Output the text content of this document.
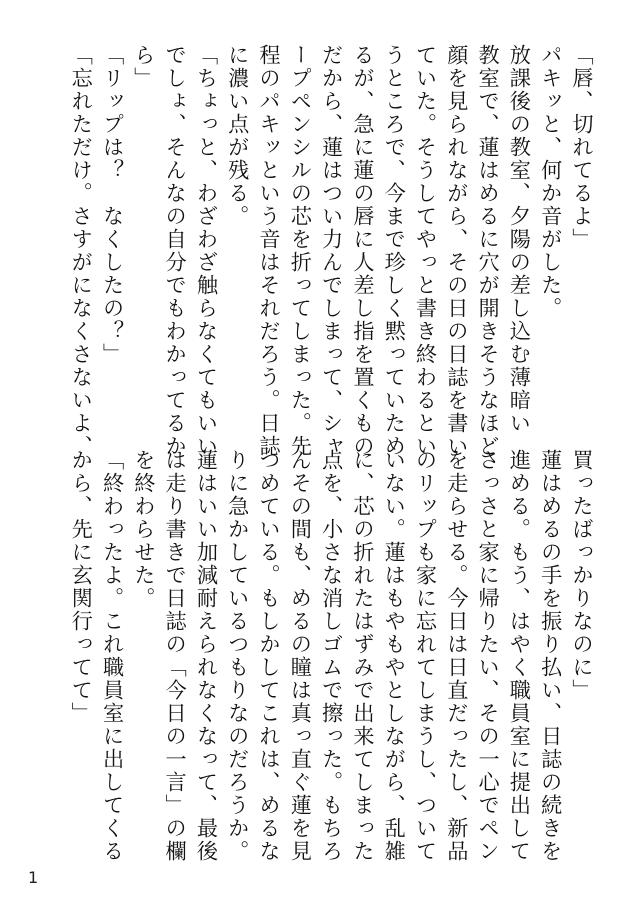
「唇、切れてるよ」
パキッと、何か音がした。
放課後の教室、夕陽の差し込む薄暗い
教室で、蓮はめるに穴が開きそうなほど
顔を見られながら、その日の日誌を書い
ていた。そうしてやっと書き終わるとい
うところで、今まで珍しく黙っていため
るが、急に蓮の唇に人差し指を置くもの
だから、蓮はつい力んでしまって、シャ
ープペンシルの芯を折ってしまった。先
程のパキッという音はそれだろう。日誌
に濃い点が残る。
「ちょっと、わざわざ触らなくてもいい
でしょ、そんなの自分でもわかってるか
ら」
「リップは？　なくしたの？」
「忘れただけ。さすがになくさないよ、
買ったばっかりなのに」
蓮はめるの手を振り払い、日誌の続きを
進める。もう、はやく職員室に提出して
さっさと家に帰りたい、その一心でペン
を走らせる。今日は日直だったし、新品
のリップも家に忘れてしまうし、ついて
いない。蓮はもやもやとしながら、乱雑
に、芯の折れたはずみで出来てしまった
点を、小さな消しゴムで擦った。もちろ
んその間も、めるの瞳は真っ直ぐ蓮を見
つめている。もしかしてこれは、めるな
りに急かしているつもりなのだろうか。
蓮はいい加減耐えられなくなって、最後
は走り書きで日誌の「今日の一言」の欄
を終わらせた。
「終わったよ。これ職員室に出してくる
から、先に玄関行ってて」
1
